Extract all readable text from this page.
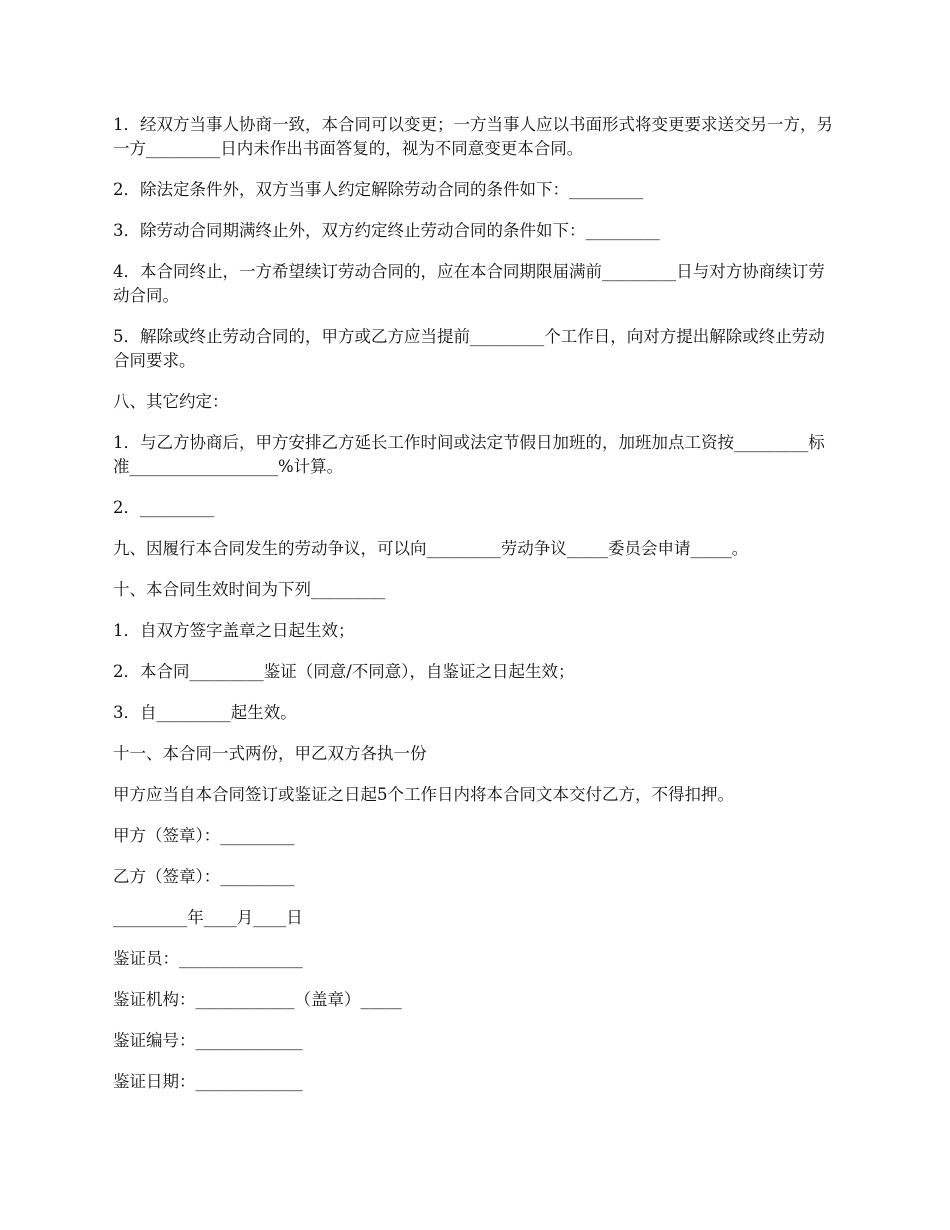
1．经双方当事人协商一致，本合同可以变更；一方当事人应以书面形式将变更要求送交另一方，另一方_________日内未作出书面答复的，视为不同意变更本合同。

2．除法定条件外，双方当事人约定解除劳动合同的条件如下：_________

3．除劳动合同期满终止外，双方约定终止劳动合同的条件如下：_________

4．本合同终止，一方希望续订劳动合同的，应在本合同期限届满前_________日与对方协商续订劳动合同。

5．解除或终止劳动合同的，甲方或乙方应当提前_________个工作日，向对方提出解除或终止劳动合同要求。

八、其它约定：

1．与乙方协商后，甲方安排乙方延长工作时间或法定节假日加班的，加班加点工资按_________标准__________________%计算。

2．_________

九、因履行本合同发生的劳动争议，可以向_________劳动争议_____委员会申请_____。

十、本合同生效时间为下列_________

1．自双方签字盖章之日起生效；

2．本合同_________鉴证（同意/不同意），自鉴证之日起生效；

3．自_________起生效。

十一、本合同一式两份，甲乙双方各执一份

甲方应当自本合同签订或鉴证之日起5个工作日内将本合同文本交付乙方，不得扣押。

甲方（签章）：_________

乙方（签章）：_________

_________年____月____日

鉴证员：_______________

鉴证机构：____________（盖章）_____

鉴证编号：_____________

鉴证日期：_____________
